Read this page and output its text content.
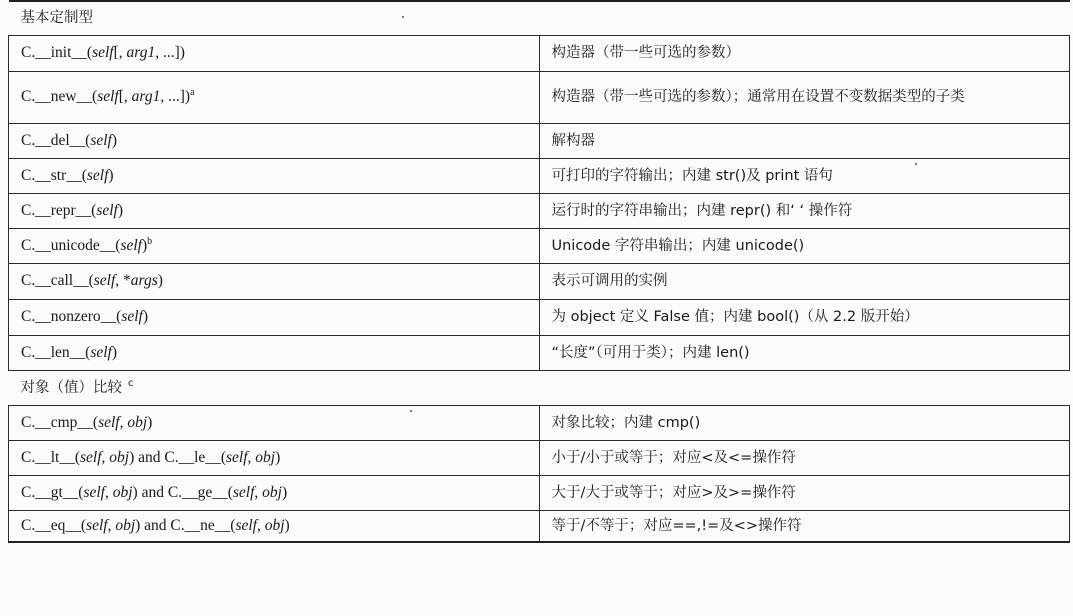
基本定制型	
C.__init__(self[, arg1, ...])	构造器（带一些可选的参数）
C.__new__(self[, arg1, ...])$^a$	构造器（带一些可选的参数）；通常用在设置不变数据类型的子类
C.__del__(self)	解构器
C.__str__(self)	可打印的字符输出；内建 str()及 print 语句
C.__repr__(self)	运行时的字符串输出；内建 repr() 和‘ ‘ 操作符
C.__unicode__(self)$^b$	Unicode 字符串输出；内建 unicode()
C.__call__(self, *args)	表示可调用的实例
C.__nonzero__(self)	为 object 定义 False 值；内建 bool()（从 2.2 版开始）
C.__len__(self)	“长度”（可用于类）；内建 len()
对象（值）比较 $^c$
C.__cmp__(self, obj)	对象比较；内建 cmp()
C.__lt__(self, obj) and C.__le__(self, obj)	小于/小于或等于；对应<及<=操作符
C.__gt__(self, obj) and C.__ge__(self, obj)	大于/大于或等于；对应>及>=操作符
C.__eq__(self, obj) and C.__ne__(self, obj)	等于/不等于；对应==,!=及<>操作符
